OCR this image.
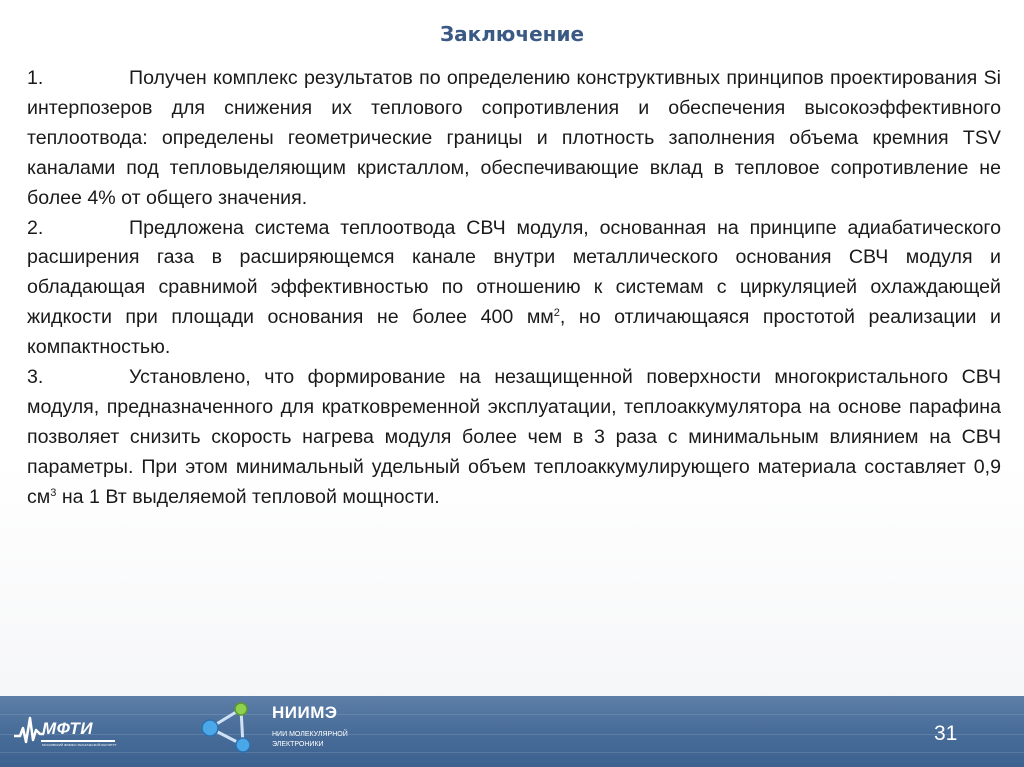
Заключение

1.	Получен комплекс результатов по определению конструктивных принципов проектирования Si интерпозеров для снижения их теплового сопротивления и обеспечения высокоэффективного теплоотвода: определены геометрические границы и плотность заполнения объема кремния TSV каналами под тепловыделяющим кристаллом, обеспечивающие вклад в тепловое сопротивление не более 4% от общего значения.

2.	Предложена система теплоотвода СВЧ модуля, основанная на принципе адиабатического расширения газа в расширяющемся канале внутри металлического основания СВЧ модуля и обладающая сравнимой эффективностью по отношению к системам с циркуляцией охлаждающей жидкости при площади основания не более 400 $мм^2$, но отличающаяся простотой реализации и компактностью.

3.	Установлено, что формирование на незащищенной поверхности многокристального СВЧ модуля, предназначенного для кратковременной эксплуатации, теплоаккумулятора на основе парафина позволяет снизить скорость нагрева модуля более чем в 3 раза с минимальным влиянием на СВЧ параметры. При этом минимальный удельный объем теплоаккумулирующего материала составляет 0,9 $см^3$ на 1 Вт выделяемой тепловой мощности.

МФТИ
МОСКОВСКИЙ ФИЗИКО-ТЕХНИЧЕСКИЙ ИНСТИТУТ
НИИМЭ
НИИ МОЛЕКУЛЯРНОЙ ЭЛЕКТРОНИКИ	31
